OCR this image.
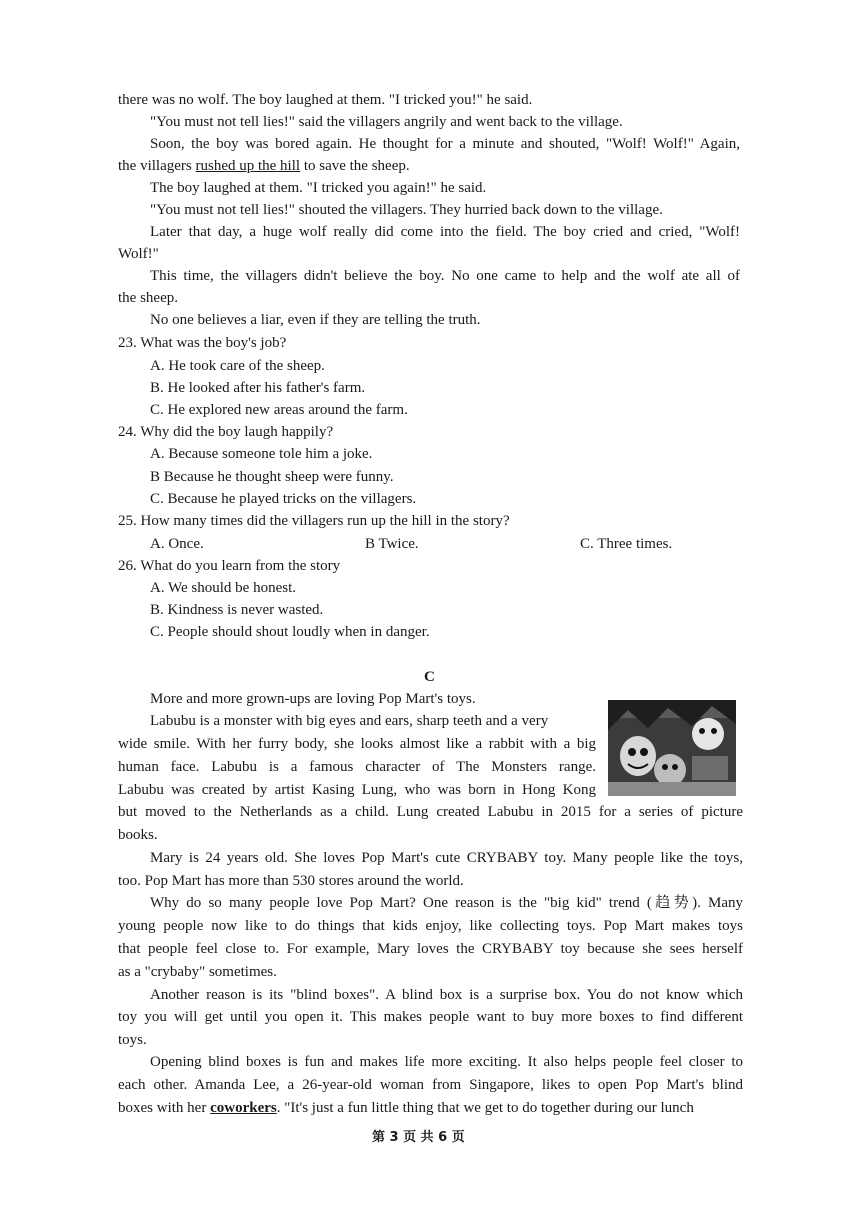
there was no wolf. The boy laughed at them. "I tricked you!" he said.
"You must not tell lies!" said the villagers angrily and went back to the village.
Soon, the boy was bored again. He thought for a minute and shouted, "Wolf! Wolf!" Again,
the villagers rushed up the hill to save the sheep.
The boy laughed at them. "I tricked you again!" he said.
"You must not tell lies!" shouted the villagers. They hurried back down to the village.
Later that day, a huge wolf really did come into the field. The boy cried and cried, "Wolf!
Wolf!"
This time, the villagers didn't believe the boy. No one came to help and the wolf ate all of
the sheep.
No one believes a liar, even if they are telling the truth.
23. What was the boy's job?
A. He took care of the sheep.
B. He looked after his father's farm.
C. He explored new areas around the farm.
24. Why did the boy laugh happily?
A. Because someone tole him a joke.
B Because he thought sheep were funny.
C. Because he played tricks on the villagers.
25. How many times did the villagers run up the hill in the story?
A. Once.	B Twice.	C. Three times.
26. What do you learn from the story
A. We should be honest.
B. Kindness is never wasted.
C. People should shout loudly when in danger.
C
More and more grown-ups are loving Pop Mart's toys.
Labubu is a monster with big eyes and ears, sharp teeth and a very
wide smile. With her furry body, she looks almost like a rabbit with a big
human face. Labubu is a famous character of The Monsters range.
Labubu was created by artist Kasing Lung, who was born in Hong Kong
but moved to the Netherlands as a child. Lung created Labubu in 2015 for a series of picture
books.
Mary is 24 years old. She loves Pop Mart's cute CRYBABY toy. Many people like the toys,
too. Pop Mart has more than 530 stores around the world.
Why do so many people love Pop Mart? One reason is the "big kid" trend (趋势). Many
young people now like to do things that kids enjoy, like collecting toys. Pop Mart makes toys
that people feel close to. For example, Mary loves the CRYBABY toy because she sees herself
as a "crybaby" sometimes.
Another reason is its "blind boxes". A blind box is a surprise box. You do not know which
toy you will get until you open it. This makes people want to buy more boxes to find different
toys.
Opening blind boxes is fun and makes life more exciting. It also helps people feel closer to
each other. Amanda Lee, a 26-year-old woman from Singapore, likes to open Pop Mart's blind
boxes with her coworkers. "It's just a fun little thing that we get to do together during our lunch
第 3 页 共 6 页
